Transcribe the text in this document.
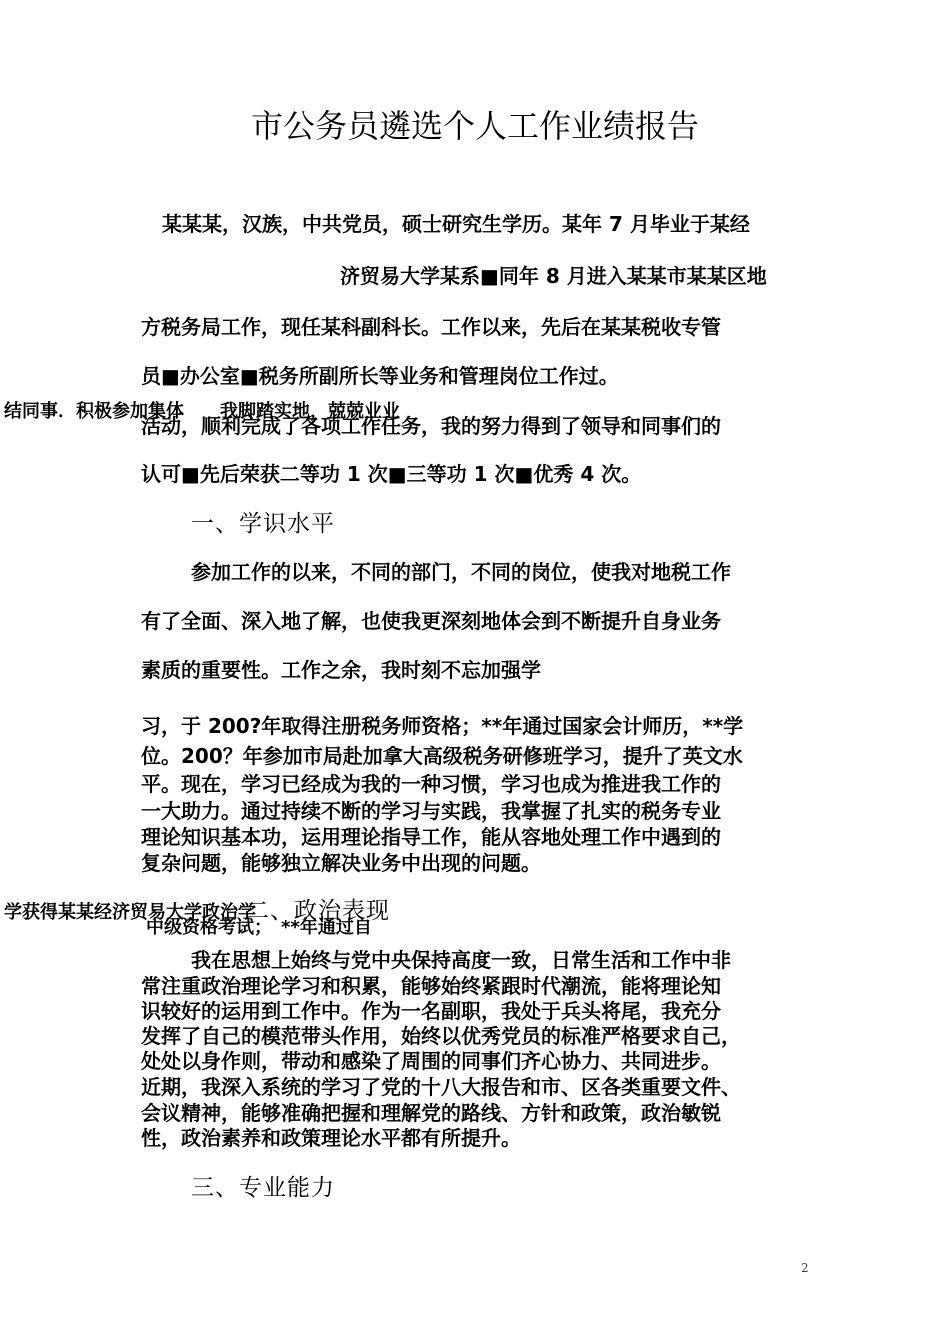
市公务员遴选个人工作业绩报告
某某某，汉族，中共党员，硕士研究生学历。某年 7 月毕业于某经
济贸易大学某系■同年 8 月进入某某市某某区地
方税务局工作，现任某科副科长。工作以来，先后在某某税收专管
员■办公室■税务所副所长等业务和管理岗位工作过。
结同事．积极参加集体　　我脚踏实地，兢兢业业
活动，顺利完成了各项工作任务，我的努力得到了领导和同事们的
认可■先后荣获二等功 1 次■三等功 1 次■优秀 4 次。
一、学识水平
参加工作的以来，不同的部门，不同的岗位，使我对地税工作
有了全面、深入地了解，也使我更深刻地体会到不断提升自身业务
素质的重要性。工作之余，我时刻不忘加强学
习，于 200?年取得注册税务师资格；**年通过国家会计师历，**学
位。200？年参加市局赴加拿大高级税务研修班学习，提升了英文水
平。现在，学习已经成为我的一种习惯，学习也成为推进我工作的
一大助力。通过持续不断的学习与实践，我掌握了扎实的税务专业
理论知识基本功，运用理论指导工作，能从容地处理工作中遇到的
复杂问题，能够独立解决业务中出现的问题。
学获得某某经济贸易大学政治学
二、政治表现
中级资格考试；　**年通过自
我在思想上始终与党中央保持高度一致，日常生活和工作中非
常注重政治理论学习和积累，能够始终紧跟时代潮流，能将理论知
识较好的运用到工作中。作为一名副职，我处于兵头将尾，我充分
发挥了自己的模范带头作用，始终以优秀党员的标准严格要求自己，
处处以身作则，带动和感染了周围的同事们齐心协力、共同进步。
近期，我深入系统的学习了党的十八大报告和市、区各类重要文件、
会议精神，能够准确把握和理解党的路线、方针和政策，政治敏锐
性，政治素养和政策理论水平都有所提升。
三、专业能力
2
